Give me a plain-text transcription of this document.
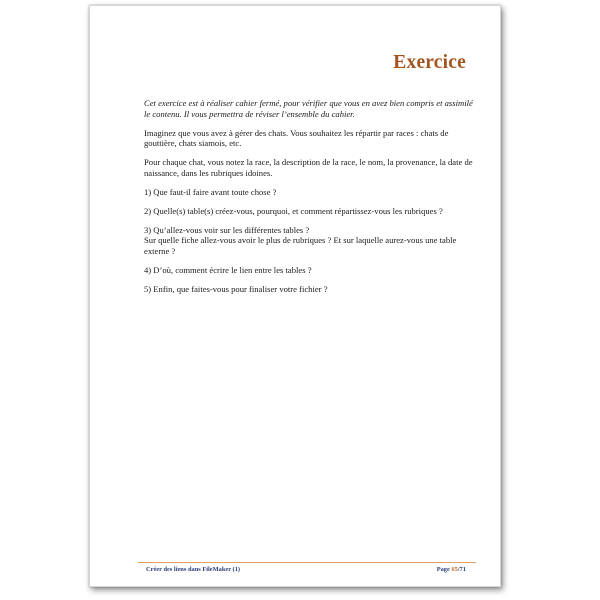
Exercice

Cet exercice est à réaliser cahier fermé, pour vérifier que vous en avez bien compris et assimilé le contenu. Il vous permettra de réviser l’ensemble du cahier.

Imaginez que vous avez à gérer des chats. Vous souhaitez les répartir par races : chats de gouttière, chats siamois, etc.

Pour chaque chat, vous notez la race, la description de la race, le nom, la provenance, la date de naissance, dans les rubriques idoines.

1) Que faut-il faire avant toute chose ?

2) Quelle(s) table(s) créez-vous, pourquoi, et comment répartissez-vous les rubriques ?

3) Qu’allez-vous voir sur les différentes tables ?
Sur quelle fiche allez-vous avoir le plus de rubriques ? Et sur laquelle aurez-vous une table externe ?

4) D’où, comment écrire le lien entre les tables ?

5) Enfin, que faites-vous pour finaliser votre fichier ?

Créer des liens dans FileMaker (1)	Page 65/71
